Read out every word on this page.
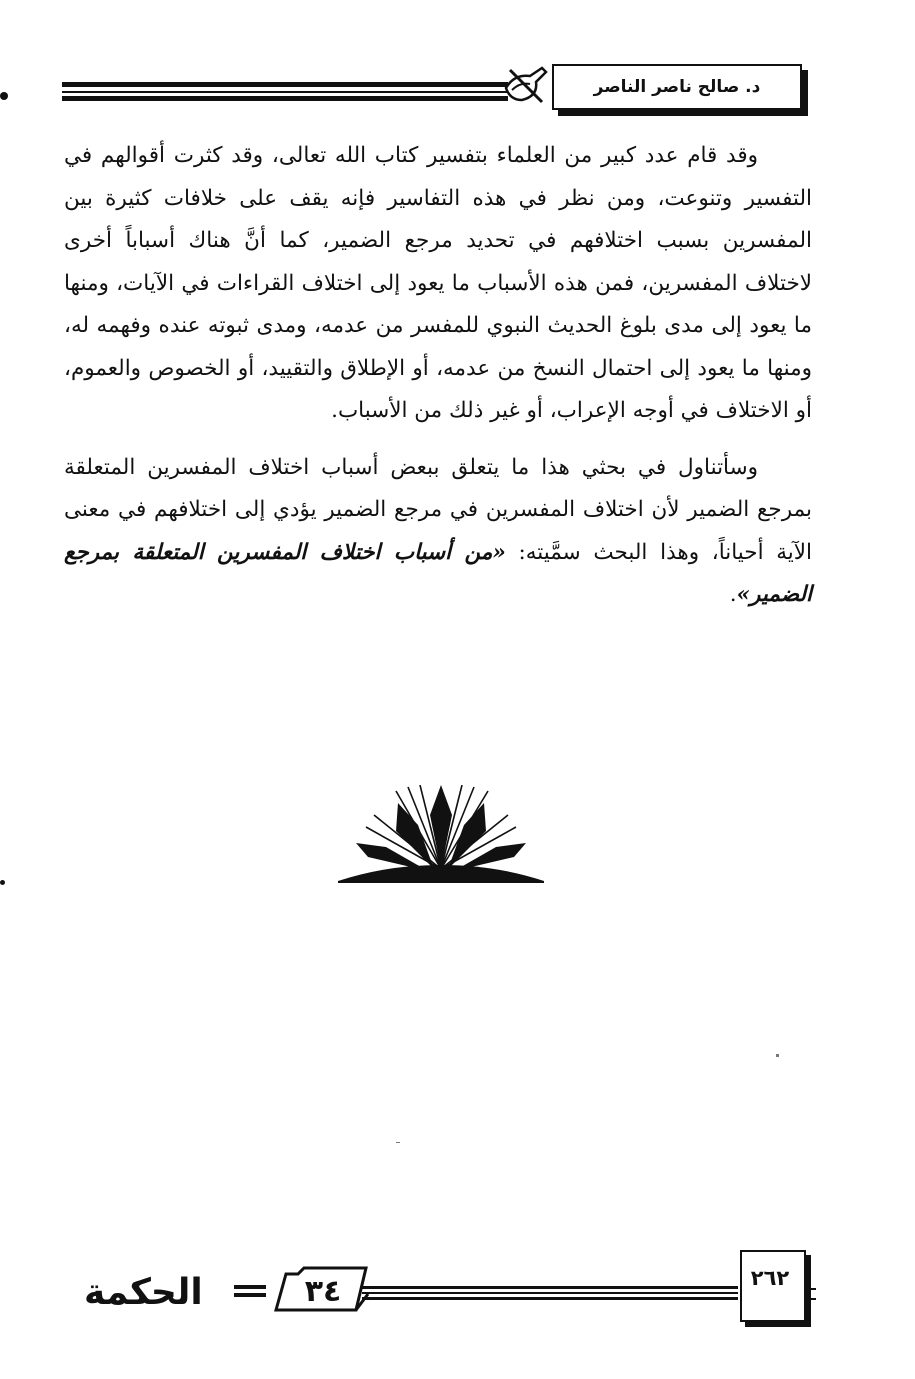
د. صالح ناصر الناصر

وقد قام عدد كبير من العلماء بتفسير كتاب الله تعالى، وقد كثرت أقوالهم في التفسير وتنوعت، ومن نظر في هذه التفاسير فإنه يقف على خلافات كثيرة بين المفسرين بسبب اختلافهم في تحديد مرجع الضمير، كما أنَّ هناك أسباباً أخرى لاختلاف المفسرين، فمن هذه الأسباب ما يعود إلى اختلاف القراءات في الآيات، ومنها ما يعود إلى مدى بلوغ الحديث النبوي للمفسر من عدمه، ومدى ثبوته عنده وفهمه له، ومنها ما يعود إلى احتمال النسخ من عدمه، أو الإطلاق والتقييد، أو الخصوص والعموم، أو الاختلاف في أوجه الإعراب، أو غير ذلك من الأسباب.

وسأتناول في بحثي هذا ما يتعلق ببعض أسباب اختلاف المفسرين المتعلقة بمرجع الضمير لأن اختلاف المفسرين في مرجع الضمير يؤدي إلى اختلافهم في معنى الآية أحياناً، وهذا البحث سمَّيته: «من أسباب اختلاف المفسرين المتعلقة بمرجع الضمير».

الحكمة	٣٤	٢٦٢
